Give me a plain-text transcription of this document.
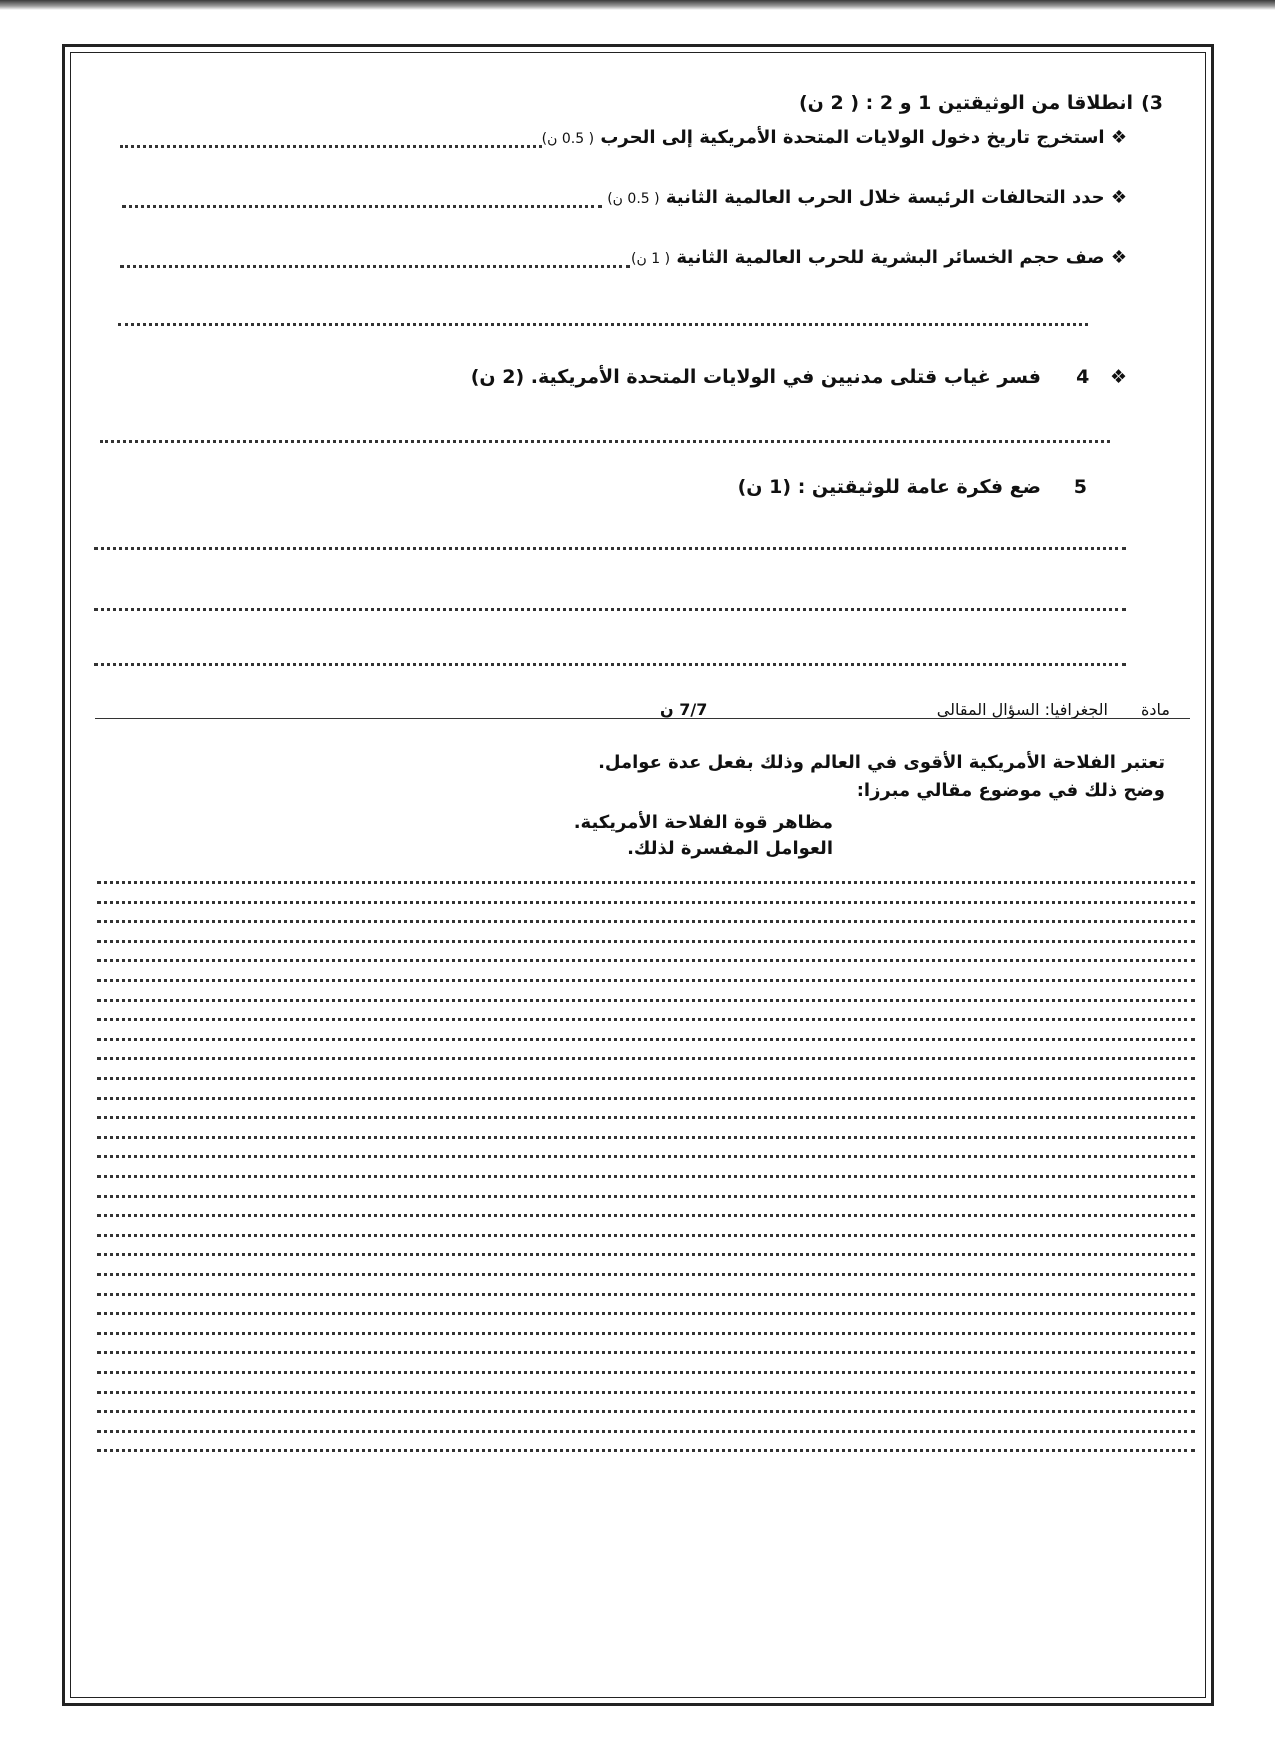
3)
انطلاقا من الوثيقتين 1 و 2 : ( 2 ن)
❖ استخرج تاريخ دخول الولايات المتحدة الأمريكية إلى الحرب ( 0.5 ن)
❖ حدد التحالفات الرئيسة خلال الحرب العالمية الثانية ( 0.5 ن)
❖ صف حجم الخسائر البشرية للحرب العالمية الثانية ( 1 ن)
❖ 4
فسر غياب قتلى مدنيين في الولايات المتحدة الأمريكية. (2 ن)
5
ضع فكرة عامة للوثيقتين : (1 ن)
مادة
الجغرافيا: السؤال المقالي
7/7 ن
تعتبر الفلاحة الأمريكية الأقوى في العالم وذلك بفعل عدة عوامل.
وضح ذلك في موضوع مقالي مبرزا:
مظاهر قوة الفلاحة الأمريكية.
العوامل المفسرة لذلك.
